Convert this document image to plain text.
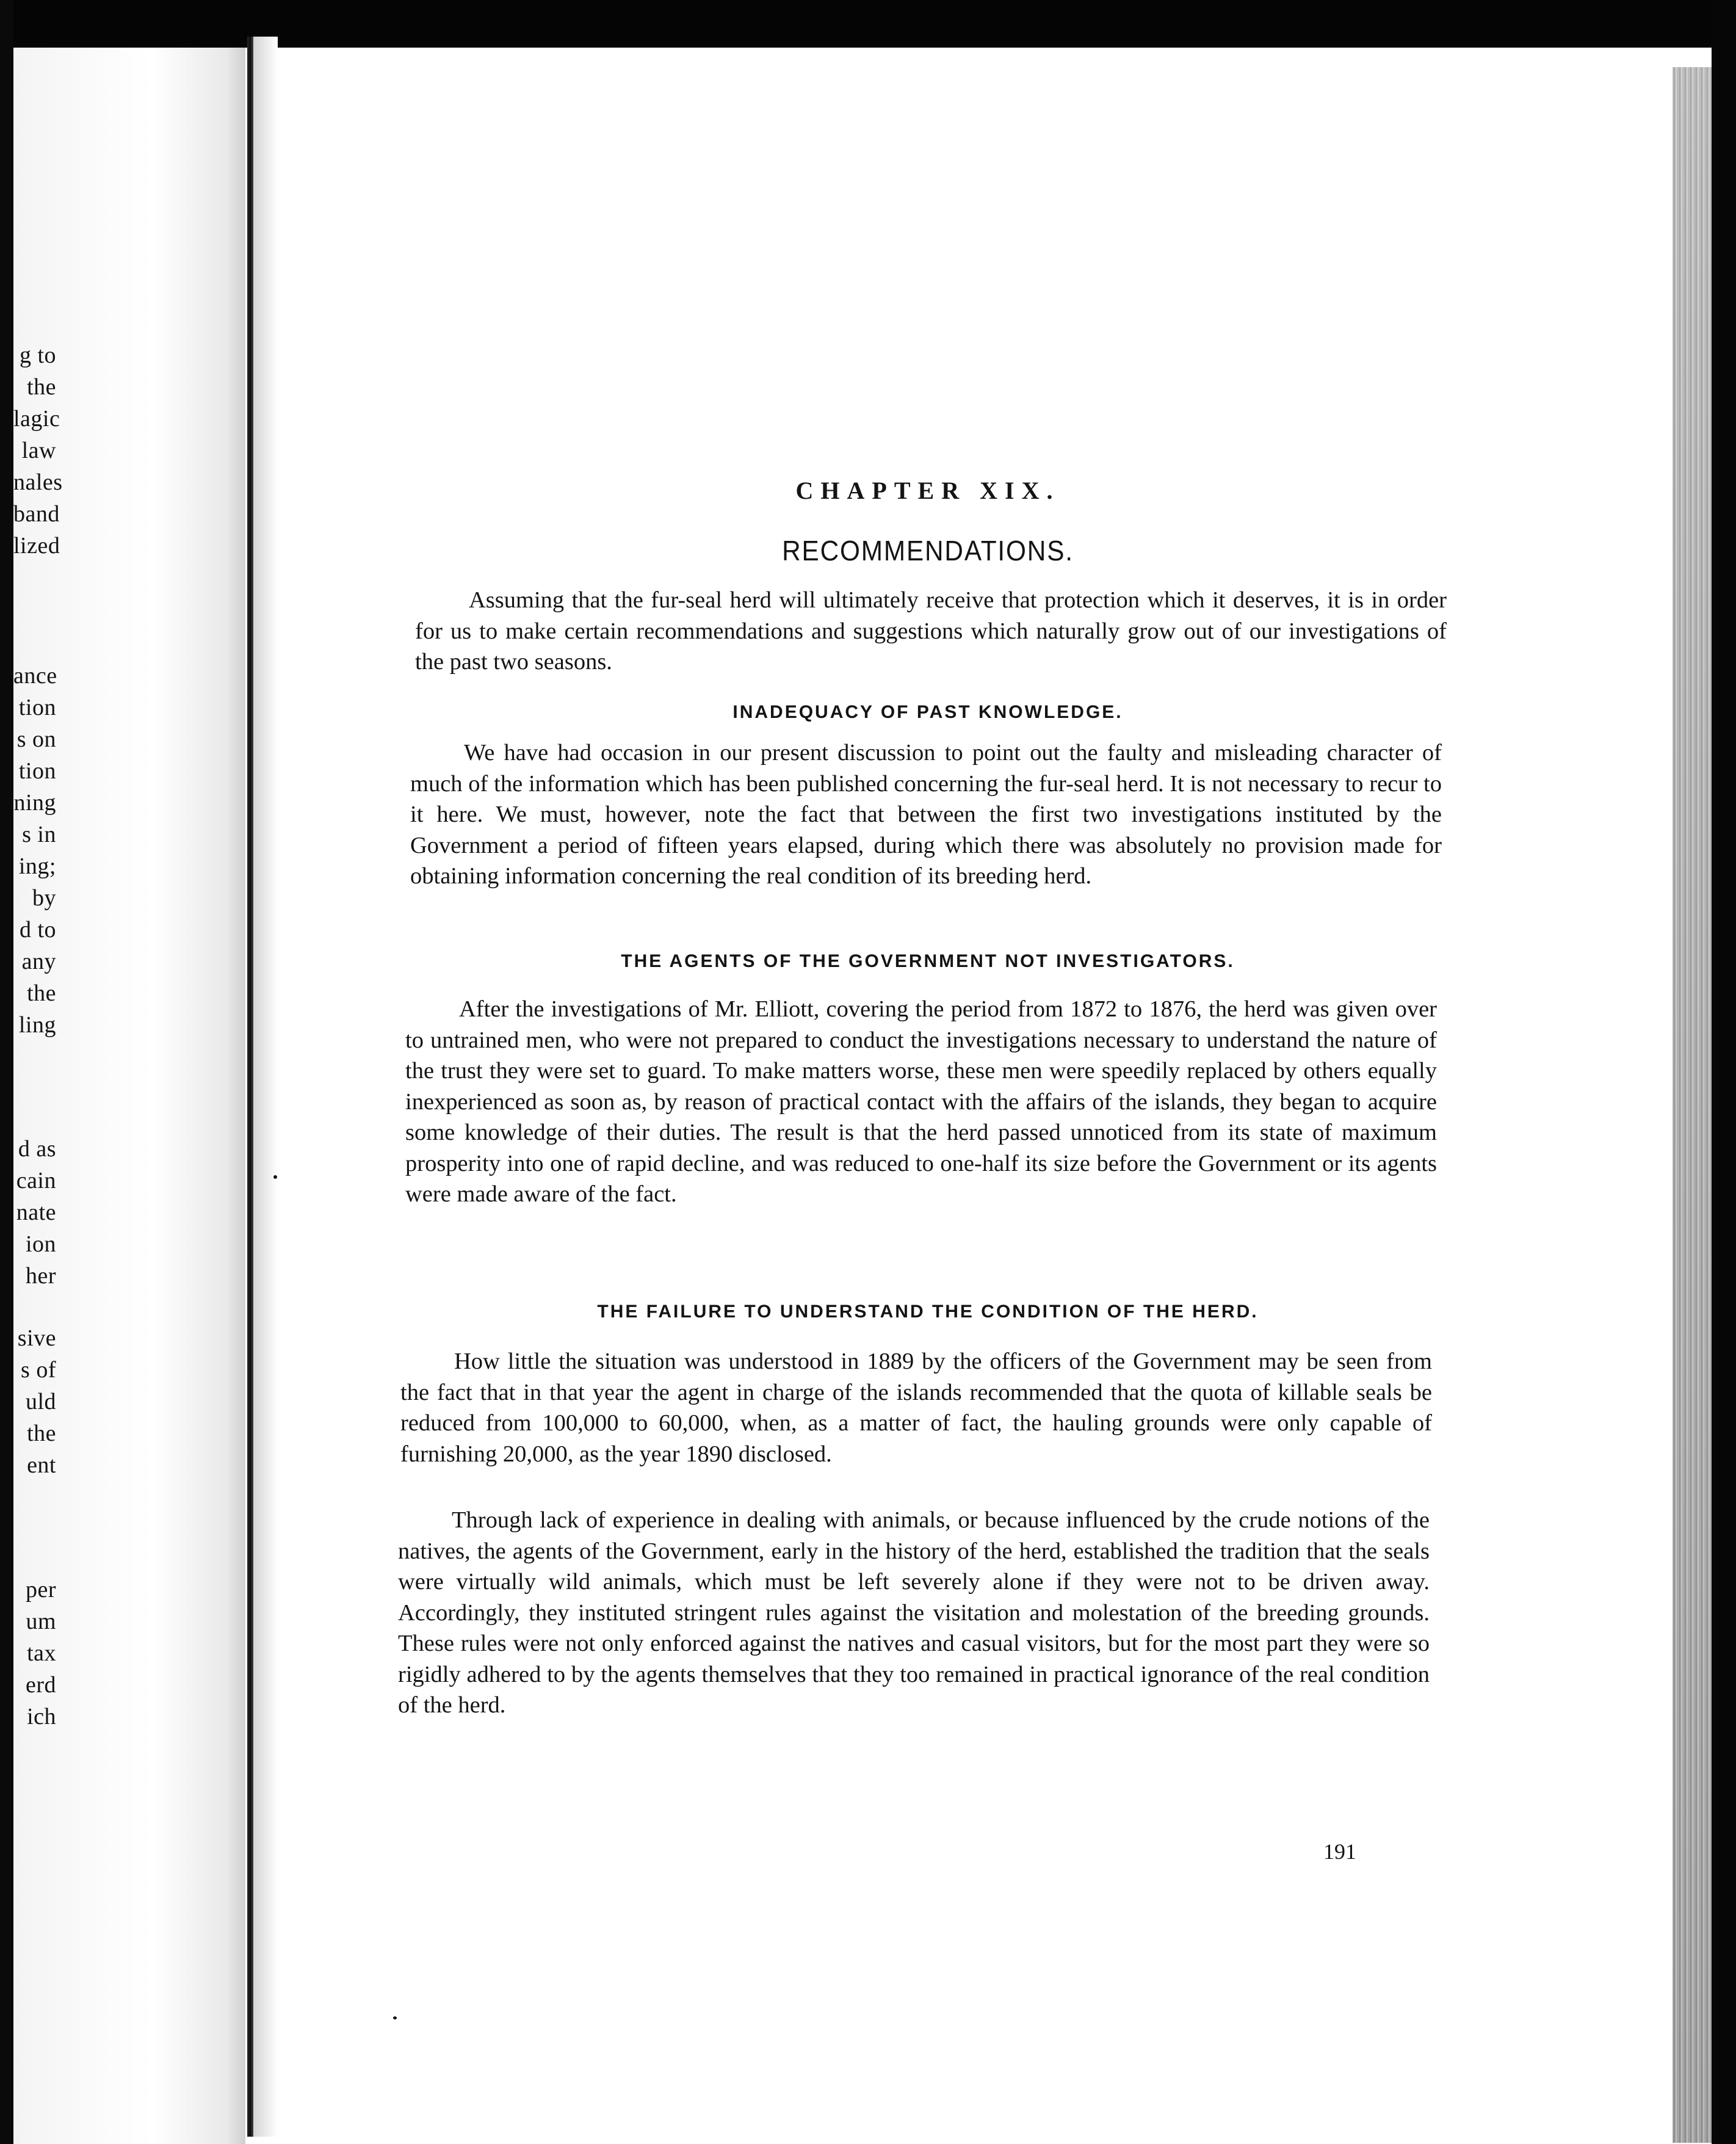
g to
the
lagic
law
nales
band
lized
ance
tion
s on
tion
ning
s in
ing;
by
d to
any
the
ling
d as
cain
nate
ion
her
sive
s of
uld
the
ent
per
um
tax
erd
ich
CHAPTER XIX.
RECOMMENDATIONS.
Assuming that the fur-seal herd will ultimately receive that protection which it deserves, it is in order for us to make certain recommendations and suggestions which naturally grow out of our investigations of the past two seasons.
INADEQUACY OF PAST KNOWLEDGE.
We have had occasion in our present discussion to point out the faulty and misleading character of much of the information which has been published concerning the fur-seal herd. It is not necessary to recur to it here. We must, however, note the fact that between the first two investigations instituted by the Government a period of fifteen years elapsed, during which there was absolutely no provision made for obtaining information concerning the real condition of its breeding herd.
THE AGENTS OF THE GOVERNMENT NOT INVESTIGATORS.
After the investigations of Mr. Elliott, covering the period from 1872 to 1876, the herd was given over to untrained men, who were not prepared to conduct the investigations necessary to understand the nature of the trust they were set to guard. To make matters worse, these men were speedily replaced by others equally inexperienced as soon as, by reason of practical contact with the affairs of the islands, they began to acquire some knowledge of their duties. The result is that the herd passed unnoticed from its state of maximum prosperity into one of rapid decline, and was reduced to one-half its size before the Government or its agents were made aware of the fact.
THE FAILURE TO UNDERSTAND THE CONDITION OF THE HERD.
How little the situation was understood in 1889 by the officers of the Government may be seen from the fact that in that year the agent in charge of the islands recommended that the quota of killable seals be reduced from 100,000 to 60,000, when, as a matter of fact, the hauling grounds were only capable of furnishing 20,000, as the year 1890 disclosed.
Through lack of experience in dealing with animals, or because influenced by the crude notions of the natives, the agents of the Government, early in the history of the herd, established the tradition that the seals were virtually wild animals, which must be left severely alone if they were not to be driven away. Accordingly, they instituted stringent rules against the visitation and molestation of the breeding grounds. These rules were not only enforced against the natives and casual visitors, but for the most part they were so rigidly adhered to by the agents themselves that they too remained in practical ignorance of the real condition of the herd.
191
